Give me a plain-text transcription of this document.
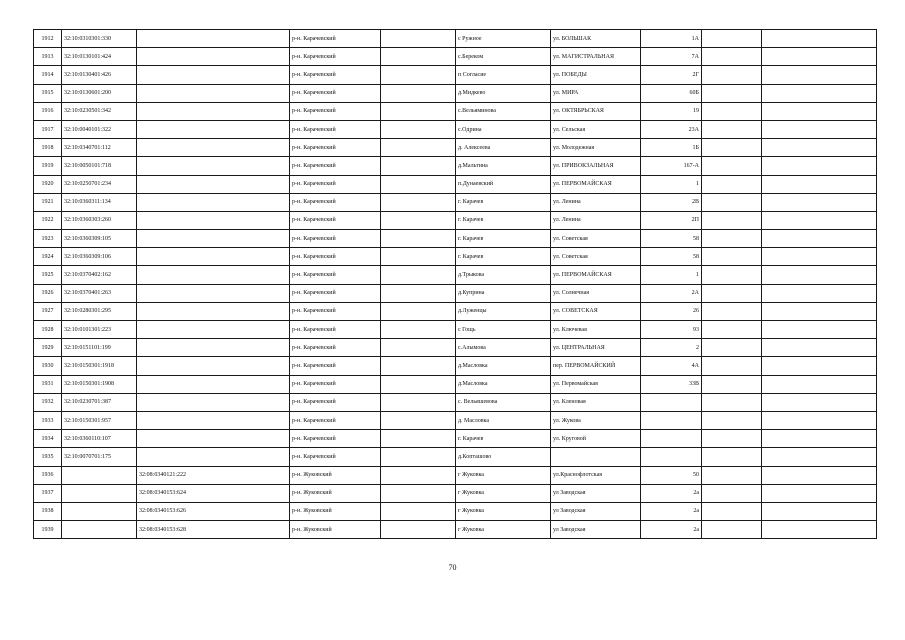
1912	32:10:0310301:330		р-н. Карачевский		с Ружное	ул. БОЛЬШАК	1А		
1913	32:10:0130101:424		р-н. Карачевский		с.Береком	ул. МАГИСТРАЛЬНАЯ	7А		
1914	32:10:0130401:426		р-н. Карачевский		п Согласие	ул. ПОБЕДЫ	2Г		
1915	32:10:0130601:200		р-н. Карачевский		д.Мидкево	ул. МИРА	60Б		
1916	32:10:0230501:342		р-н. Карачевский		с.Вельяминова	ул. ОКТЯБРЬСКАЯ	19		
1917	32:10:0040101:322		р-н. Карачевский		с.Одрина	ул. Сельская	23А		
1918	32:10:0340701:112		р-н. Карачевский		д. Алексеева	ул. Молодежная	1Б		
1919	32:10:0050101:718		р-н. Карачевский		д.Мальтина	ул. ПРИВОКЗАЛЬНАЯ	167-А		
1920	32:10:0250701:234		р-н. Карачевский		п.Дунаевский	ул. ПЕРВОМАЙСКАЯ	1		
1921	32:10:0360311:134		р-н. Карачевский		г. Карачев	ул. Ленина	2В		
1922	32:10:0360303:260		р-н. Карачевский		г. Карачев	ул. Ленина	2П		
1923	32:10:0360309:105		р-н. Карачевский		г. Карачев	ул. Советская	58		
1924	32:10:0360309:106		р-н. Карачевский		г. Карачев	ул. Советская	58		
1925	32:10:0370402:162		р-н. Карачевский		д.Трыкова	ул. ПЕРВОМАЙСКАЯ	1		
1926	32:10:0370401:263		р-н. Карачевский		д.Куприна	ул. Солнечная	2А		
1927	32:10:0280301:295		р-н. Карачевский		д.Луженцы	ул. СОВЕТСКАЯ	26		
1928	32:10:0101301:223		р-н. Карачевский		с Гощь	ул. Ключевая	93		
1929	32:10:0151101:199		р-н. Карачевский		с.Алымова	ул. ЦЕНТРАЛЬНАЯ	2		
1930	32:10:0150301:1918		р-н. Карачевский		д.Масловка	пер. ПЕРВОМАЙСКИЙ	4А		
1931	32:10:0150301:1908		р-н. Карачевский		д.Масловка	ул. Первомайская	33В		
1932	32:10:0230701:387		р-н. Карачевский		с. Вельяшевова	ул. Кленовая			
1933	32:10:0150301:957		р-н. Карачевский		д. Масловка	ул. Жукова			
1934	32:10:0360110:107		р-н. Карачевский		г. Карачев	ул. Круговой			
1935	32:10:0070701:175		р-н. Карачевский		д.Копташово				
1936		32:08:0340121:222	р-н. Жуковский		г Жуковка	ул.Краснофлотская	50		
1937		32:08:0340153:624	р-н. Жуковский		г Жуковка	ул Заводская	2а		
1938		32:08:0340153:626	р-н. Жуковский		г Жуковка	ул Заводская	2а		
1939		32:08:0340153:628	р-н. Жуковский		г Жуковка	ул Заводская	2а		
70
